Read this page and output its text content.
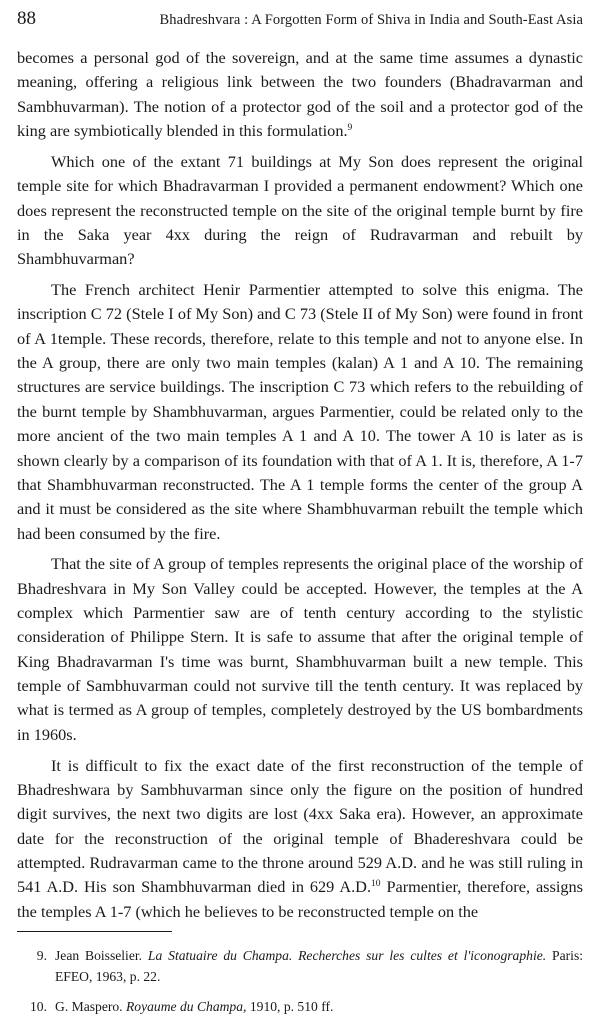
88	Bhadreshvara : A Forgotten Form of Shiva in India and South-East Asia

becomes a personal god of the sovereign, and at the same time assumes a dynastic meaning, offering a religious link between the two founders (Bhadravarman and Sambhuvarman). The notion of a protector god of the soil and a protector god of the king are symbiotically blended in this formulation.$^9$

Which one of the extant 71 buildings at My Son does represent the original temple site for which Bhadravarman I provided a permanent endowment? Which one does represent the reconstructed temple on the site of the original temple burnt by fire in the Saka year 4xx during the reign of Rudravarman and rebuilt by Shambhuvarman?

The French architect Henir Parmentier attempted to solve this enigma. The inscription C 72 (Stele I of My Son) and C 73 (Stele II of My Son) were found in front of A 1temple. These records, therefore, relate to this temple and not to anyone else. In the A group, there are only two main temples (kalan) A 1 and A 10. The remaining structures are service buildings. The inscription C 73 which refers to the rebuilding of the burnt temple by Shambhuvarman, argues Parmentier, could be related only to the more ancient of the two main temples A 1 and A 10. The tower A 10 is later as is shown clearly by a comparison of its foundation with that of A 1. It is, therefore, A 1-7 that Shambhuvarman reconstructed. The A 1 temple forms the center of the group A and it must be considered as the site where Shambhuvarman rebuilt the temple which had been consumed by the fire.

That the site of A group of temples represents the original place of the worship of Bhadreshvara in My Son Valley could be accepted. However, the temples at the A complex which Parmentier saw are of tenth century according to the stylistic consideration of Philippe Stern. It is safe to assume that after the original temple of King Bhadravarman I's time was burnt, Shambhuvarman built a new temple. This temple of Sambhuvarman could not survive till the tenth century. It was replaced by what is termed as A group of temples, completely destroyed by the US bombardments in 1960s.

It is difficult to fix the exact date of the first reconstruction of the temple of Bhadreshwara by Sambhuvarman since only the figure on the position of hundred digit survives, the next two digits are lost (4xx Saka era). However, an approximate date for the reconstruction of the original temple of Bhadereshvara could be attempted. Rudravarman came to the throne around 529 A.D. and he was still ruling in 541 A.D. His son Shambhuvarman died in 629 A.D.$^{10}$ Parmentier, therefore, assigns the temples A 1-7 (which he believes to be reconstructed temple on the

9. Jean Boisselier. La Statuaire du Champa. Recherches sur les cultes et l'iconographie. Paris: EFEO, 1963, p. 22.
10. G. Maspero. Royaume du Champa, 1910, p. 510 ff.
